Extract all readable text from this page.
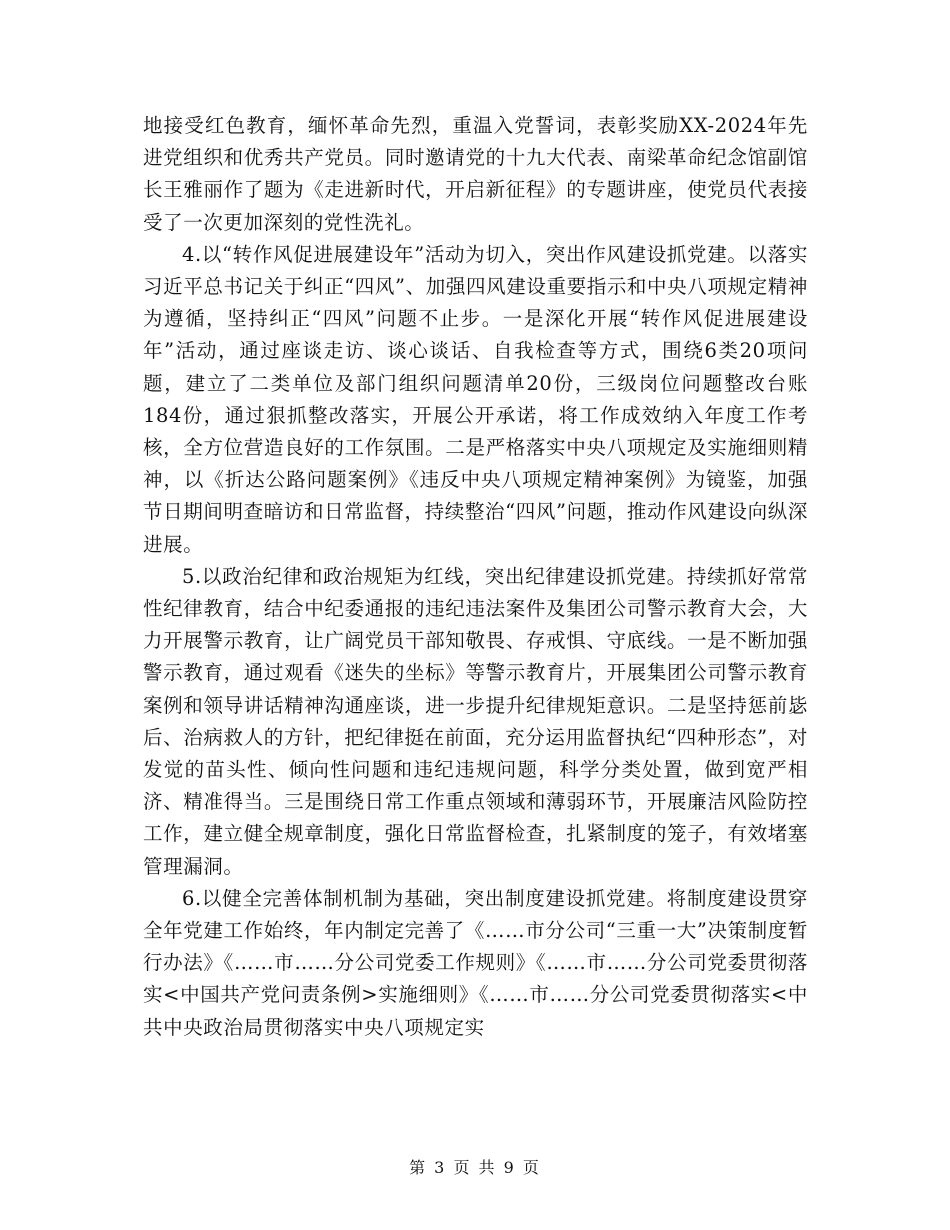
地接受红色教育，缅怀革命先烈，重温入党誓词，表彰奖励XX-2024年先进党组织和优秀共产党员。同时邀请党的十九大代表、南梁革命纪念馆副馆长王雅丽作了题为《走进新时代，开启新征程》的专题讲座，使党员代表接受了一次更加深刻的党性洗礼。

4.以“转作风促进展建设年”活动为切入，突出作风建设抓党建。以落实习近平总书记关于纠正“四风”、加强四风建设重要指示和中央八项规定精神为遵循，坚持纠正“四风”问题不止步。一是深化开展“转作风促进展建设年”活动，通过座谈走访、谈心谈话、自我检查等方式，围绕6类20项问题，建立了二类单位及部门组织问题清单20份，三级岗位问题整改台账184份，通过狠抓整改落实，开展公开承诺，将工作成效纳入年度工作考核，全方位营造良好的工作氛围。二是严格落实中央八项规定及实施细则精神，以《折达公路问题案例》《违反中央八项规定精神案例》为镜鉴，加强节日期间明查暗访和日常监督，持续整治“四风”问题，推动作风建设向纵深进展。

5.以政治纪律和政治规矩为红线，突出纪律建设抓党建。持续抓好常常性纪律教育，结合中纪委通报的违纪违法案件及集团公司警示教育大会，大力开展警示教育，让广阔党员干部知敬畏、存戒惧、守底线。一是不断加强警示教育，通过观看《迷失的坐标》等警示教育片，开展集团公司警示教育案例和领导讲话精神沟通座谈，进一步提升纪律规矩意识。二是坚持惩前毖后、治病救人的方针，把纪律挺在前面，充分运用监督执纪“四种形态”，对发觉的苗头性、倾向性问题和违纪违规问题，科学分类处置，做到宽严相济、精准得当。三是围绕日常工作重点领域和薄弱环节，开展廉洁风险防控工作，建立健全规章制度，强化日常监督检查，扎紧制度的笼子，有效堵塞管理漏洞。

6.以健全完善体制机制为基础，突出制度建设抓党建。将制度建设贯穿全年党建工作始终，年内制定完善了《……市分公司“三重一大”决策制度暂行办法》《……市……分公司党委工作规则》《……市……分公司党委贯彻落实<中国共产党问责条例>实施细则》《……市……分公司党委贯彻落实<中共中央政治局贯彻落实中央八项规定实

第 3 页 共 9 页
